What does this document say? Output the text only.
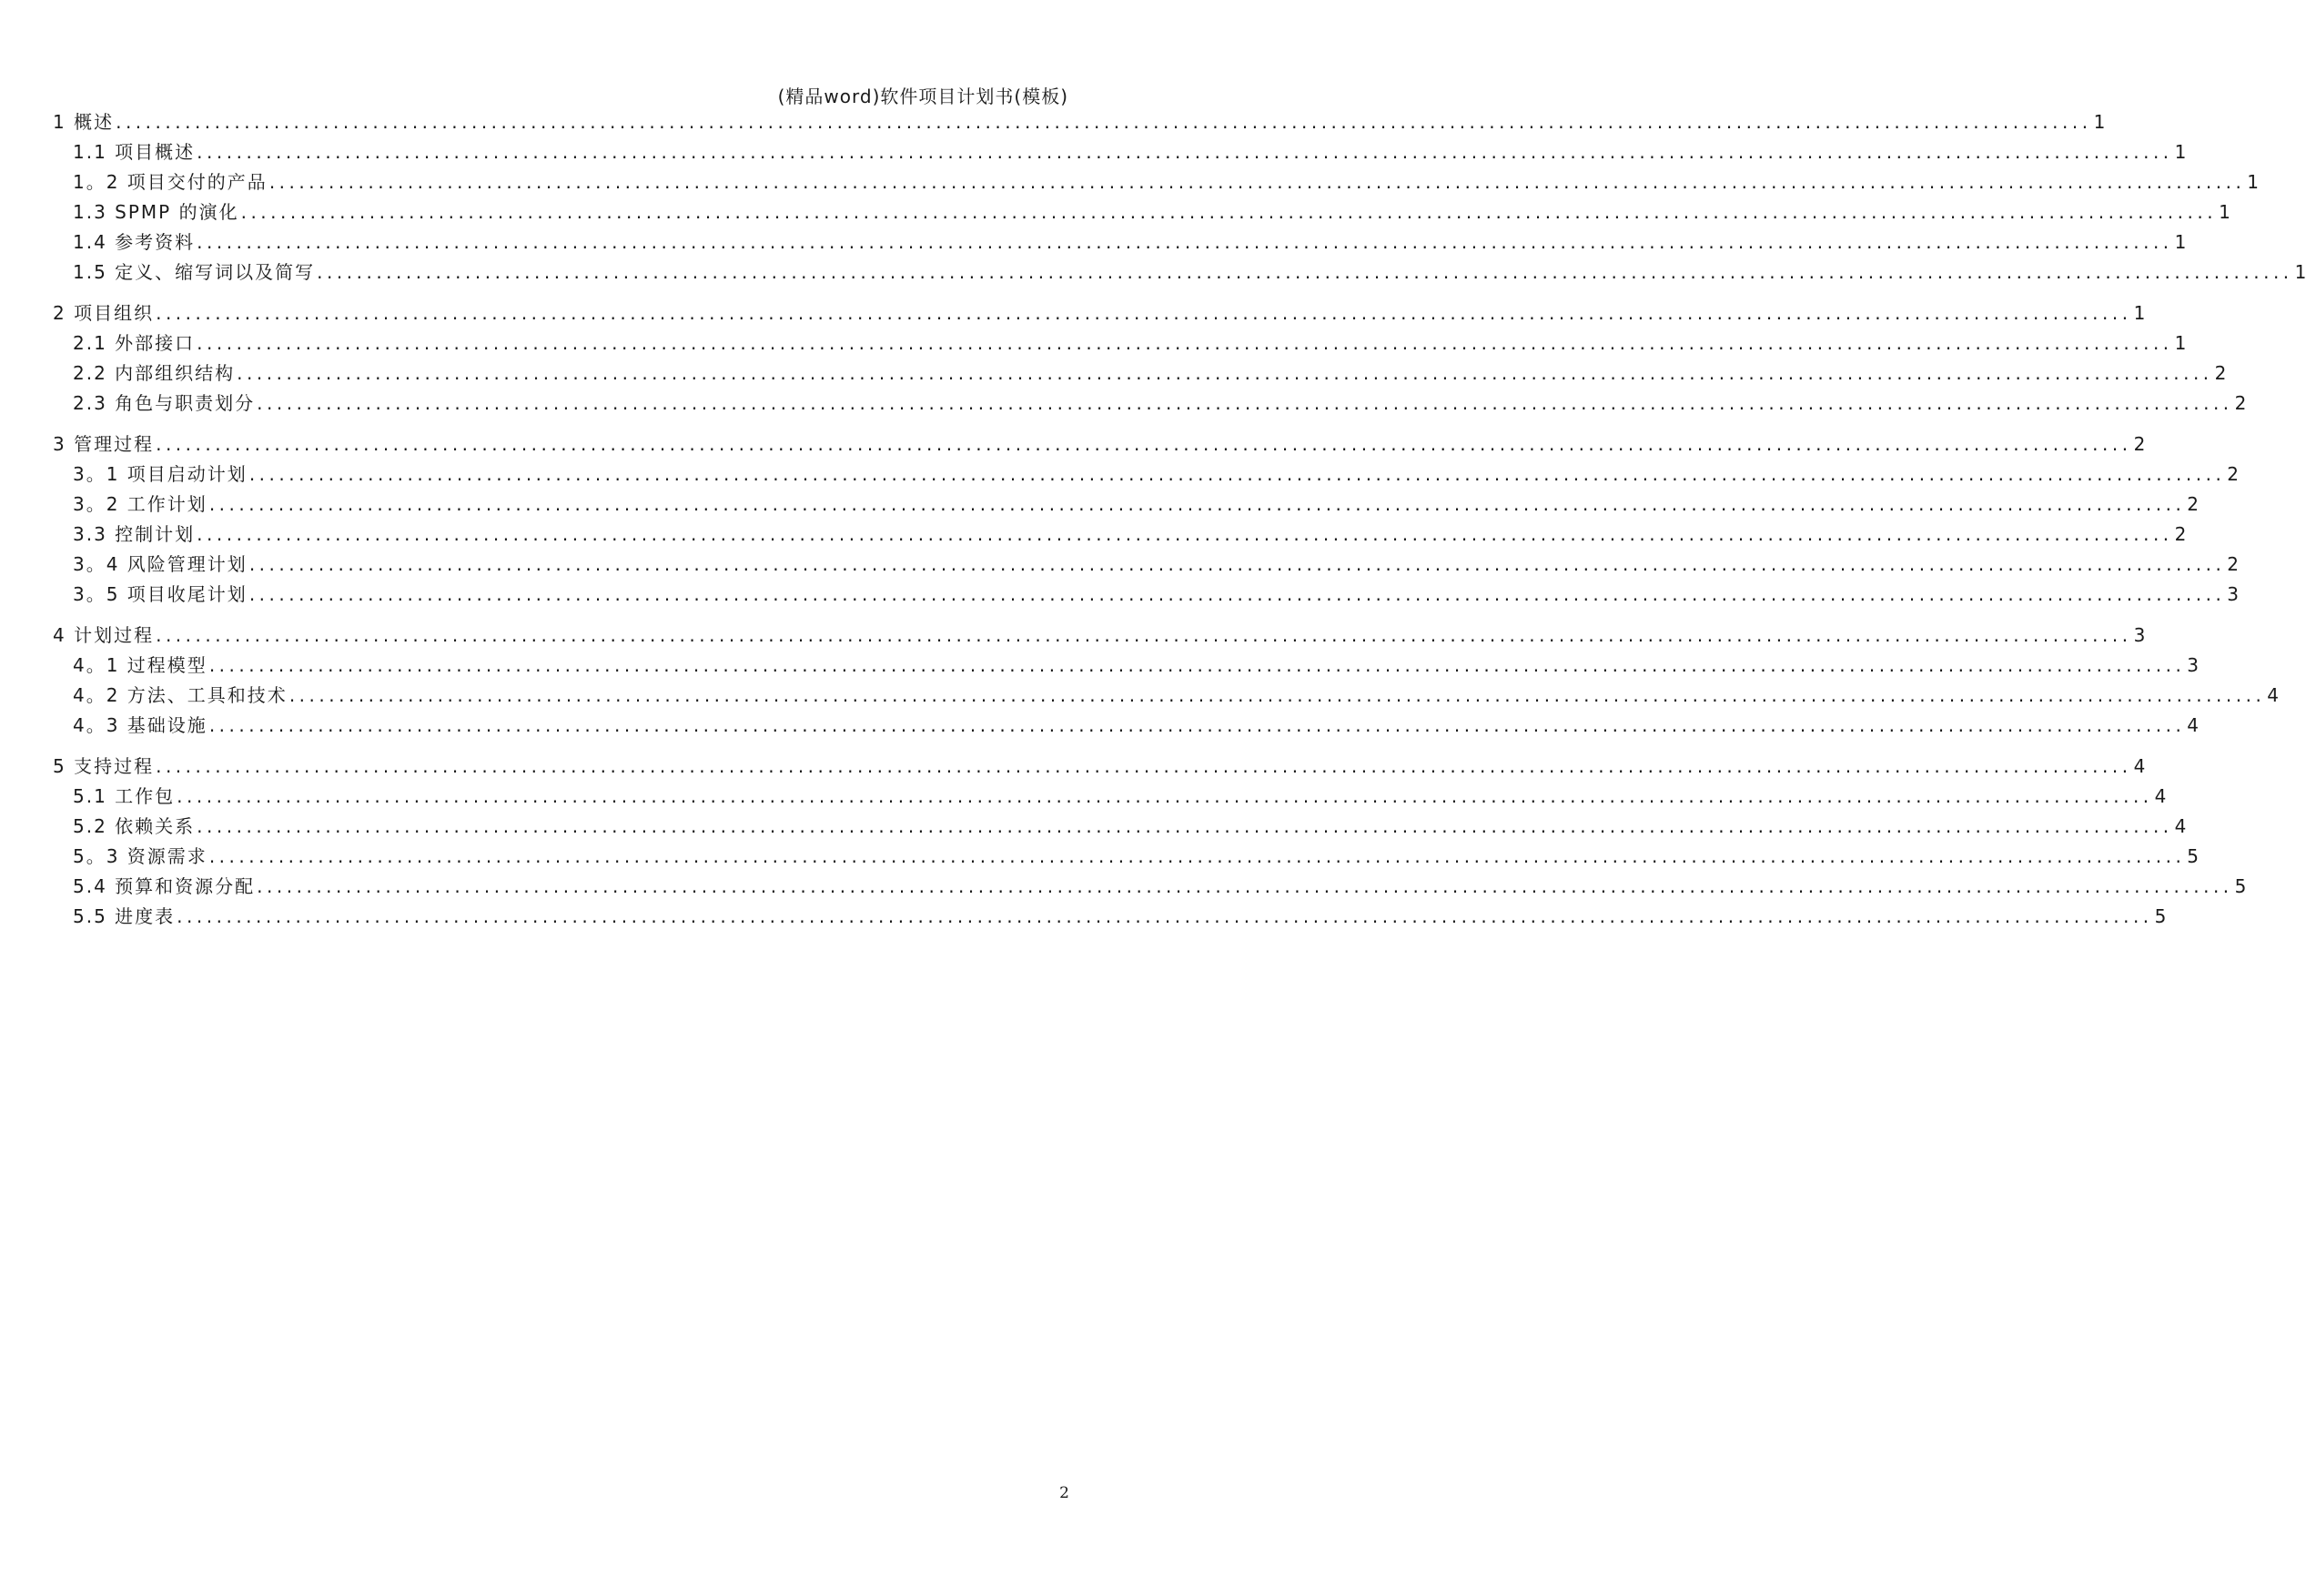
(精品word)软件项目计划书(模板)
1 概述 ........................................................................................................................................................................................................ 1
1.1 项目概述 ........................................................................................................................................................................................................ 1
1。2 项目交付的产品 ........................................................................................................................................................................................................ 1
1.3 SPMP 的演化 ........................................................................................................................................................................................................ 1
1.4 参考资料 ........................................................................................................................................................................................................ 1
1.5 定义、缩写词以及简写 ........................................................................................................................................................................................................ 1
2 项目组织 ........................................................................................................................................................................................................ 1
2.1 外部接口 ........................................................................................................................................................................................................ 1
2.2 内部组织结构 ........................................................................................................................................................................................................ 2
2.3 角色与职责划分 ........................................................................................................................................................................................................ 2
3 管理过程 ........................................................................................................................................................................................................ 2
3。1 项目启动计划 ........................................................................................................................................................................................................ 2
3。2 工作计划 ........................................................................................................................................................................................................ 2
3.3 控制计划 ........................................................................................................................................................................................................ 2
3。4 风险管理计划 ........................................................................................................................................................................................................ 2
3。5 项目收尾计划 ........................................................................................................................................................................................................ 3
4 计划过程 ........................................................................................................................................................................................................ 3
4。1 过程模型 ........................................................................................................................................................................................................ 3
4。2 方法、工具和技术 ........................................................................................................................................................................................................ 4
4。3 基础设施 ........................................................................................................................................................................................................ 4
5 支持过程 ........................................................................................................................................................................................................ 4
5.1 工作包 ........................................................................................................................................................................................................ 4
5.2 依赖关系 ........................................................................................................................................................................................................ 4
5。3 资源需求 ........................................................................................................................................................................................................ 5
5.4 预算和资源分配 ........................................................................................................................................................................................................ 5
5.5 进度表 ........................................................................................................................................................................................................ 5
2
